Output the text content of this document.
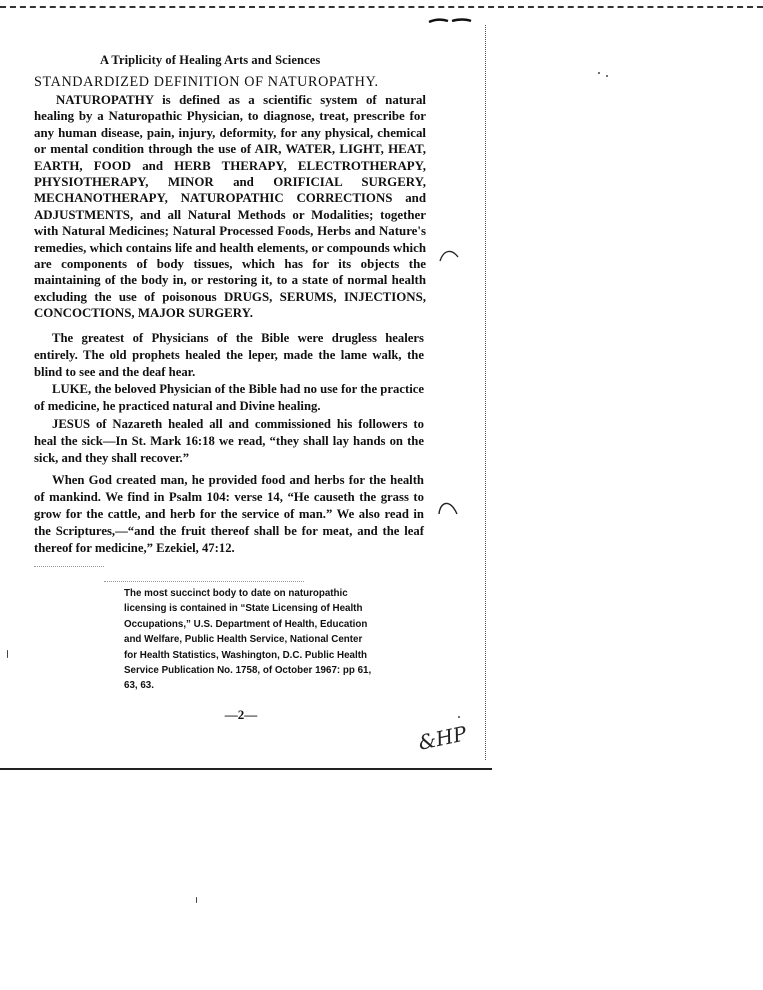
A Triplicity of Healing Arts and Sciences
STANDARDIZED DEFINITION OF NATUROPATHY.

NATUROPATHY is defined as a scientific system of natural healing by a Naturopathic Physician, to diagnose, treat, prescribe for any human disease, pain, injury, deformity, for any physical, chemical or mental condition through the use of AIR, WATER, LIGHT, HEAT, EARTH, FOOD and HERB THERAPY, ELECTROTHERAPY, PHYSIOTHERAPY, MINOR and ORIFICIAL SURGERY, MECHANOTHERAPY, NATUROPATHIC CORRECTIONS and ADJUSTMENTS, and all Natural Methods or Modalities; together with Natural Medicines; Natural Processed Foods, Herbs and Nature's remedies, which contains life and health elements, or compounds which are components of body tissues, which has for its objects the maintaining of the body in, or restoring it, to a state of normal health excluding the use of poisonous DRUGS, SERUMS, INJECTIONS, CONCOCTIONS, MAJOR SURGERY.

The greatest of Physicians of the Bible were drugless healers entirely. The old prophets healed the leper, made the lame walk, the blind to see and the deaf hear.

LUKE, the beloved Physician of the Bible had no use for the practice of medicine, he practiced natural and Divine healing.

JESUS of Nazareth healed all and commissioned his followers to heal the sick—In St. Mark 16:18 we read, “they shall lay hands on the sick, and they shall recover.”

When God created man, he provided food and herbs for the health of mankind. We find in Psalm 104: verse 14, “He causeth the grass to grow for the cattle, and herb for the service of man.” We also read in the Scriptures,—“and the fruit thereof shall be for meat, and the leaf thereof for medicine,” Ezekiel, 47:12.

The most succinct body to date on naturopathic licensing is contained in “State Licensing of Health Occupations,” U.S. Department of Health, Education and Welfare, Public Health Service, National Center for Health Statistics, Washington, D.C. Public Health Service Publication No. 1758, of October 1967: pp 61, 63, 63.

—2—
&HP
